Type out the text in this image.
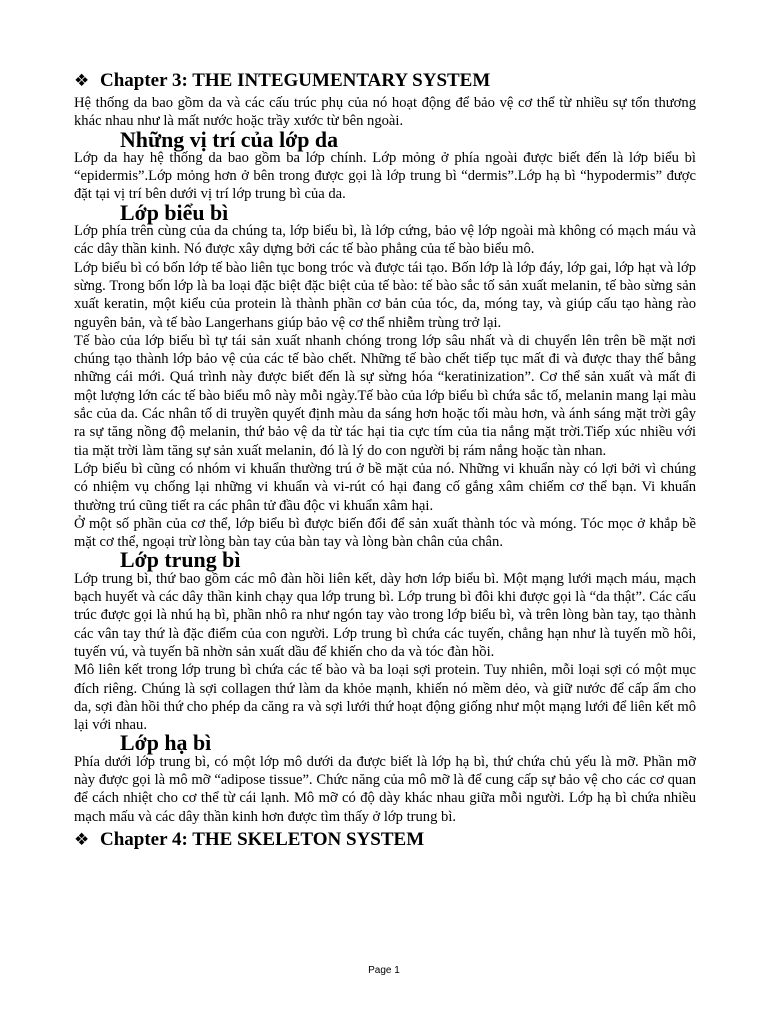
❖ Chapter 3: THE INTEGUMENTARY SYSTEM

Hệ thống da bao gồm da và các cấu trúc phụ của nó hoạt động để bảo vệ cơ thể từ nhiều sự tổn thương khác nhau như là mất nước hoặc trầy xước từ bên ngoài.

Những vị trí của lớp da

Lớp da hay hệ thống da bao gồm ba lớp chính. Lớp mỏng ở phía ngoài được biết đến là lớp biểu bì “epidermis”.Lớp mỏng hơn ở bên trong được gọi là lớp trung bì “dermis”.Lớp hạ bì “hypodermis” được đặt tại vị trí bên dưới vị trí lớp trung bì của da.

Lớp biểu bì

Lớp phía trên cùng của da chúng ta, lớp biểu bì, là lớp cứng, bảo vệ lớp ngoài mà không có mạch máu và các dây thần kinh. Nó được xây dựng bởi các tế bào phẳng của tế bào biểu mô.

Lớp biểu bì có bốn lớp tế bào liên tục bong tróc và được tái tạo. Bốn lớp là lớp đáy, lớp gai, lớp hạt và lớp sừng. Trong bốn lớp là ba loại đặc biệt đặc biệt của tế bào: tế bào sắc tố sản xuất melanin, tế bào sừng sản xuất keratin, một kiểu của protein là thành phần cơ bản của tóc, da, móng tay, và giúp cấu tạo hàng rào nguyên bản, và tế bào Langerhans giúp bảo vệ cơ thể nhiễm trùng trở lại.

Tế bào của lớp biểu bì tự tái sản xuất nhanh chóng trong lớp sâu nhất và di chuyển lên trên bề mặt nơi chúng tạo thành lớp bảo vệ của các tế bào chết. Những tế bào chết tiếp tục mất đi và được thay thế bằng những cái mới. Quá trình này được biết đến là sự sừng hóa “keratinization”. Cơ thể sản xuất và mất đi một lượng lớn các tế bào biểu mô này mỗi ngày.Tế bào của lớp biểu bì chứa sắc tố, melanin mang lại màu sắc của da. Các nhân tố di truyền quyết định màu da sáng hơn hoặc tối màu hơn, và ánh sáng mặt trời gây ra sự tăng nồng độ melanin, thứ bảo vệ da từ tác hại tia cực tím của tia nắng mặt trời.Tiếp xúc nhiều với tia mặt trời làm tăng sự sản xuất melanin, đó là lý do con người bị rám nắng hoặc tàn nhan.

Lớp biểu bì cũng có nhóm vi khuẩn thường trú ở bề mặt của nó. Những vi khuẩn này có lợi bởi vì chúng có nhiệm vụ chống lại những vi khuẩn và vi-rút có hại đang cố gắng xâm chiếm cơ thể bạn. Vi khuẩn thường trú cũng tiết ra các phân tử đầu độc vi khuẩn xâm hại.

Ở một số phần của cơ thể, lớp biểu bì được biến đổi để sản xuất thành tóc và móng. Tóc mọc ở khắp bề mặt cơ thể, ngoại trừ lòng bàn tay của bàn tay và lòng bàn chân của chân.

Lớp trung bì

Lớp trung bì, thứ bao gồm các mô đàn hồi liên kết, dày hơn lớp biểu bì. Một mạng lưới mạch máu, mạch bạch huyết và các dây thần kinh chạy qua lớp trung bì. Lớp trung bì đôi khi được gọi là “da thật”. Các cấu trúc được gọi là nhú hạ bì, phần nhô ra như ngón tay vào trong lớp biểu bì, và trên lòng bàn tay, tạo thành các vân tay thứ là đặc điểm của con người. Lớp trung bì chứa các tuyến, chẳng hạn như là tuyến mồ hôi, tuyến vú, và tuyến bã nhờn sản xuất dầu để khiến cho da và tóc đàn hồi.

Mô liên kết trong lớp trung bì chứa các tế bào và ba loại sợi protein. Tuy nhiên, mỗi loại sợi có một mục đích riêng. Chúng là sợi collagen thứ làm da khỏe mạnh, khiến nó mềm dẻo, và giữ nước để cấp ẩm cho da, sợi đàn hồi thứ cho phép da căng ra và sợi lưới thứ hoạt động giống như một mạng lưới để liên kết mô lại với nhau.

Lớp hạ bì

Phía dưới lớp trung bì, có một lớp mô dưới da được biết là lớp hạ bì, thứ chứa chủ yếu là mỡ. Phần mỡ này được gọi là mô mỡ “adipose tissue”. Chức năng của mô mỡ là để cung cấp sự bảo vệ cho các cơ quan để cách nhiệt cho cơ thể từ cái lạnh. Mô mỡ có độ dày khác nhau giữa mỗi người. Lớp hạ bì chứa nhiều mạch mấu và các dây thần kinh hơn được tìm thấy ở lớp trung bì.

❖ Chapter 4: THE SKELETON SYSTEM
Page 1
